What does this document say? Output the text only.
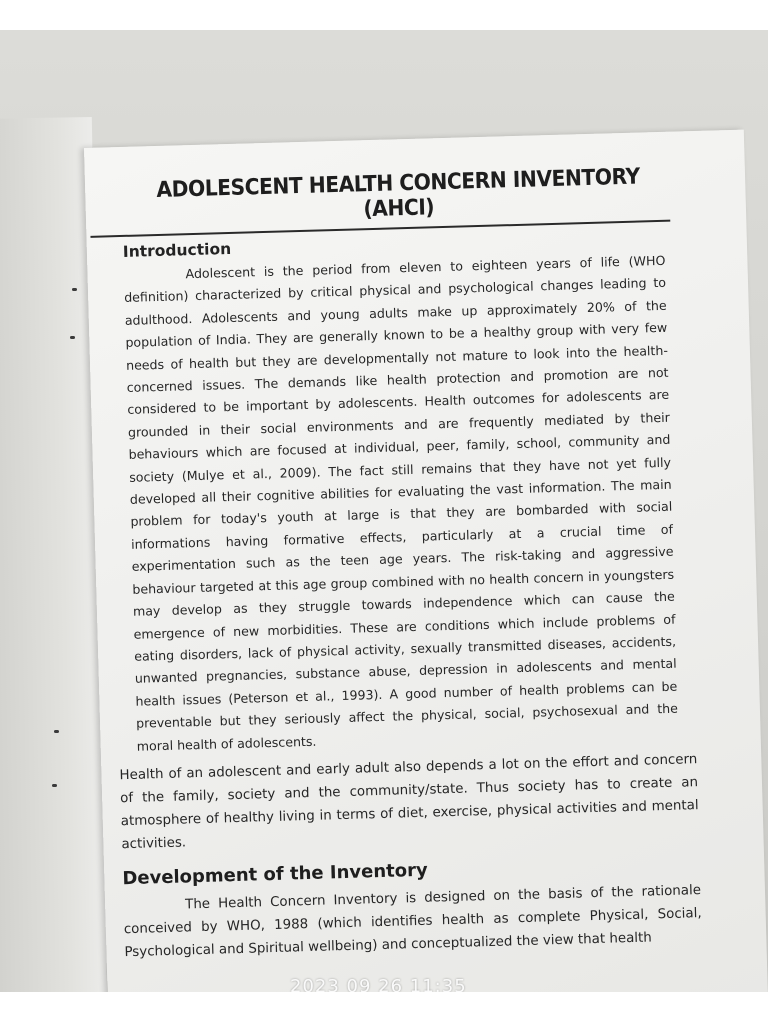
ADOLESCENT HEALTH CONCERN INVENTORY (AHCI)
Introduction

Adolescent is the period from eleven to eighteen years of life (WHO definition) characterized by critical physical and psychological changes leading to adulthood. Adolescents and young adults make up approximately 20% of the population of India. They are generally known to be a healthy group with very few needs of health but they are developmentally not mature to look into the health-concerned issues. The demands like health protection and promotion are not considered to be important by adolescents. Health outcomes for adolescents are grounded in their social environments and are frequently mediated by their behaviours which are focused at individual, peer, family, school, community and society (Mulye et al., 2009). The fact still remains that they have not yet fully developed all their cognitive abilities for evaluating the vast information. The main problem for today's youth at large is that they are bombarded with social informations having formative effects, particularly at a crucial time of experimentation such as the teen age years. The risk-taking and aggressive behaviour targeted at this age group combined with no health concern in youngsters may develop as they struggle towards independence which can cause the emergence of new morbidities. These are conditions which include problems of eating disorders, lack of physical activity, sexually transmitted diseases, accidents, unwanted pregnancies, substance abuse, depression in adolescents and mental health issues (Peterson et al., 1993). A good number of health problems can be preventable but they seriously affect the physical, social, psychosexual and the moral health of adolescents.

Health of an adolescent and early adult also depends a lot on the effort and concern of the family, society and the community/state. Thus society has to create an atmosphere of healthy living in terms of diet, exercise, physical activities and mental activities.

Development of the Inventory

The Health Concern Inventory is designed on the basis of the rationale conceived by WHO, 1988 (which identifies health as complete Physical, Social, Psychological and Spiritual wellbeing) and conceptualized the view that health

2023 09 26 11:35
